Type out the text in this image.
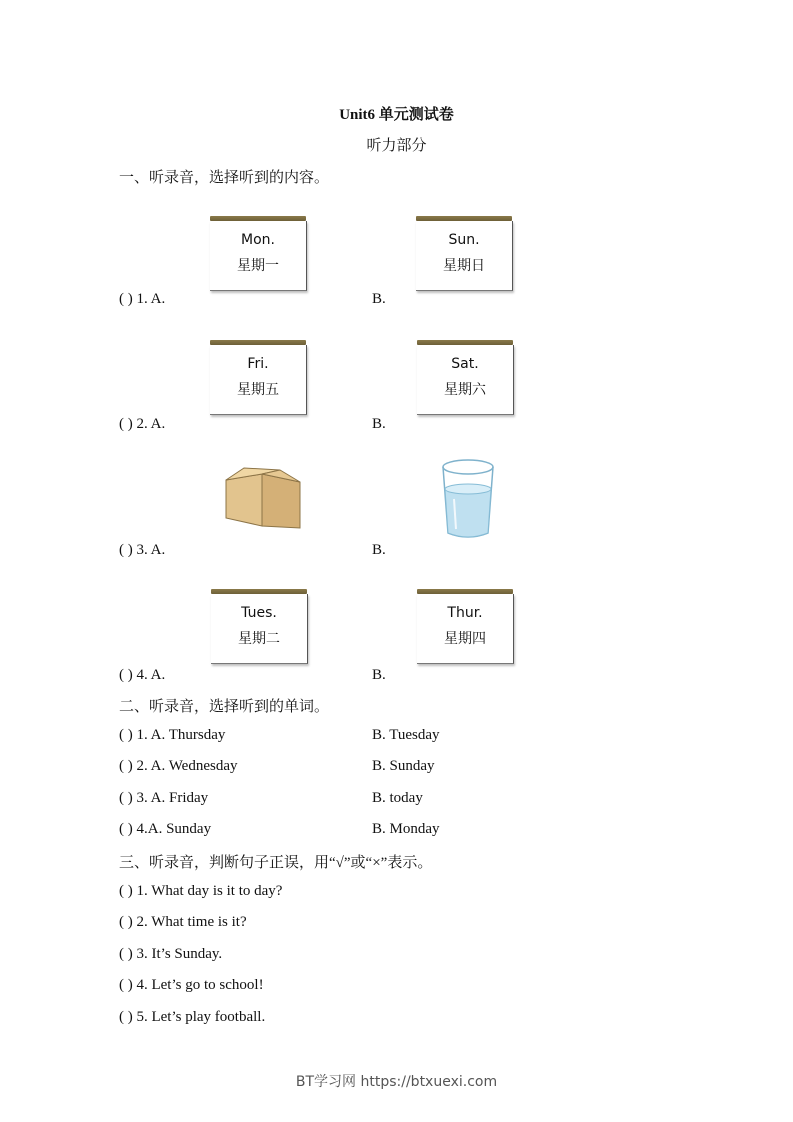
Unit6 单元测试卷
听力部分
一、听录音，选择听到的内容。
Mon.
星期一
Sun.
星期日
( ) 1. A.	B.
Fri.
星期五
Sat.
星期六
( ) 2. A.	B.
( ) 3. A.	B.
Tues.
星期二
Thur.
星期四
( ) 4. A.	B.
二、听录音，选择听到的单词。
( ) 1. A. Thursday	B. Tuesday
( ) 2. A. Wednesday	B. Sunday
( ) 3. A. Friday	B. today
( ) 4.A. Sunday	B. Monday
三、听录音，判断句子正误，用“√”或“×”表示。
( ) 1. What day is it to day?
( ) 2. What time is it?
( ) 3. It’s Sunday.
( ) 4. Let’s go to school!
( ) 5. Let’s play football.
BT学习网 https://btxuexi.com
